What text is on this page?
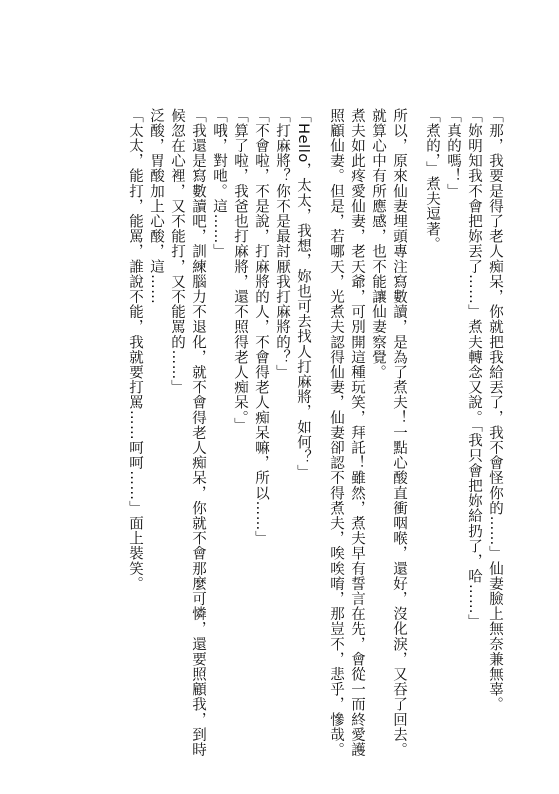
「那，我要是得了老人痴呆，你就把我給丟了，我不會怪你的……」仙妻臉上無奈兼無辜。
「妳明知我不會把妳丟了……」煮夫轉念又說。「我只會把妳給扔了，哈……」
「真的嗎！」
「煮的，」煮夫逗著。
所以，原來仙妻埋頭專注寫數讀，是為了煮夫！一點心酸直衝咽喉，還好，沒化淚，又吞了回去。
就算心中有所應感，也不能讓仙妻察覺。
煮夫如此疼愛仙妻，老天爺，可別開這種玩笑，拜託！雖然，煮夫早有誓言在先，會從一而終愛護
照顧仙妻。但是，若哪天，光煮夫認得仙妻，仙妻卻認不得煮夫，唉唉唷，那豈不，悲乎，慘哉。
「Hello，太太，我想，妳也可去找人打麻將，如何？」
「打麻將？你不是最討厭我打麻將的？」
「不會啦，不是說，打麻將的人，不會得老人痴呆嘛，所以……」
「算了啦，我爸也打麻將，還不照得老人痴呆。」
「哦，對吔。這……」
「我還是寫數讀吧，訓練腦力不退化，就不會得老人痴呆，你就不會那麼可憐，還要照顧我，到時
候忽在心裡，又不能打，又不能罵的……」
泛酸，胃酸加上心酸，這……
「太太，能打，能罵，誰說不能，我就要打罵……呵呵……」面上裝笑。
